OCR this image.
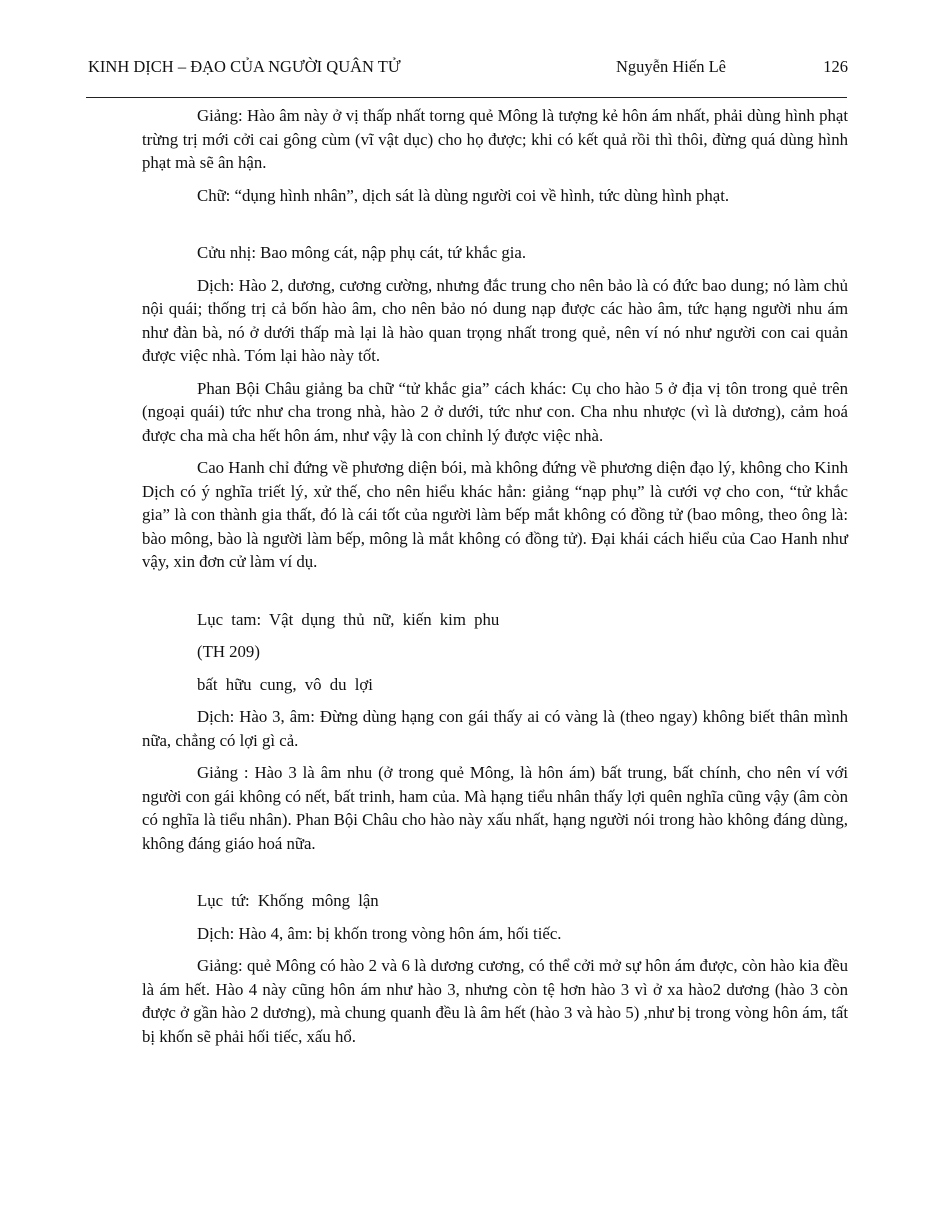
KINH DỊCH – ĐẠO CỦA NGƯỜI QUÂN TỬ	Nguyễn Hiến Lê	126

Giảng: Hào âm này ở vị thấp nhất torng quẻ Mông là tượng kẻ hôn ám nhất, phải dùng hình phạt trừng trị mới cởi cai gông cùm (vĩ vật dục) cho họ được; khi có kết quả rồi thì thôi, đừng quá dùng hình phạt mà sẽ ân hận.

Chữ: “dụng hình nhân”, dịch sát là dùng người coi về hình, tức dùng hình phạt.

Cửu nhị: Bao mông cát, nập phụ cát, tứ khắc gia.

Dịch: Hào 2, dương, cương cường, nhưng đắc trung cho nên bảo là có đức bao dung; nó làm chủ nội quái; thống trị cả bốn hào âm, cho nên bảo nó dung nạp được các hào âm, tức hạng người nhu ám như đàn bà, nó ở dưới thấp mà lại là hào quan trọng nhất trong quẻ, nên ví nó như người con cai quản được việc nhà. Tóm lại hào này tốt.

Phan Bội Châu giảng ba chữ “tử khắc gia” cách khác: Cụ cho hào 5 ở địa vị tôn trong quẻ trên (ngoại quái) tức như cha trong nhà, hào 2 ở dưới, tức như con. Cha nhu nhược (vì là dương), cảm hoá được cha mà cha hết hôn ám, như vậy là con chỉnh lý được việc nhà.

Cao Hanh chỉ đứng về phương diện bói, mà không đứng về phương diện đạo lý, không cho Kinh Dịch có ý nghĩa triết lý, xử thế, cho nên hiểu khác hẳn: giảng “nạp phụ” là cưới vợ cho con, “tử khắc gia” là con thành gia thất, đó là cái tốt của người làm bếp mắt không có đồng tử (bao mông, theo ông là: bào mông, bào là người làm bếp, mông là mắt không có đồng tử). Đại khái cách hiểu của Cao Hanh như vậy, xin đơn cử làm ví dụ.

Lục tam: Vật dụng thủ nữ, kiến kim phu

(TH 209)

bất hữu cung, vô du lợi

Dịch: Hào 3, âm: Đừng dùng hạng con gái thấy ai có vàng là (theo ngay) không biết thân mình nữa, chẳng có lợi gì cả.

Giảng : Hào 3 là âm nhu (ở trong quẻ Mông, là hôn ám) bất trung, bất chính, cho nên ví với người con gái không có nết, bất trinh, ham của. Mà hạng tiểu nhân thấy lợi quên nghĩa cũng vậy (âm còn có nghĩa là tiểu nhân). Phan Bội Châu cho hào này xấu nhất, hạng người nói trong hào không đáng dùng, không đáng giáo hoá nữa.

Lục tứ: Khống mông lận

Dịch: Hào 4, âm: bị khốn trong vòng hôn ám, hối tiếc.

Giảng: quẻ Mông có hào 2 và 6 là dương cương, có thể cởi mở sự hôn ám được, còn hào kia đều là ám hết. Hào 4 này cũng hôn ám như hào 3, nhưng còn tệ hơn hào 3 vì ở xa hào2 dương (hào 3 còn được ở gần hào 2 dương), mà chung quanh đều là âm hết (hào 3 và hào 5) ,như bị trong vòng hôn ám, tất bị khốn sẽ phải hối tiếc, xấu hổ.
